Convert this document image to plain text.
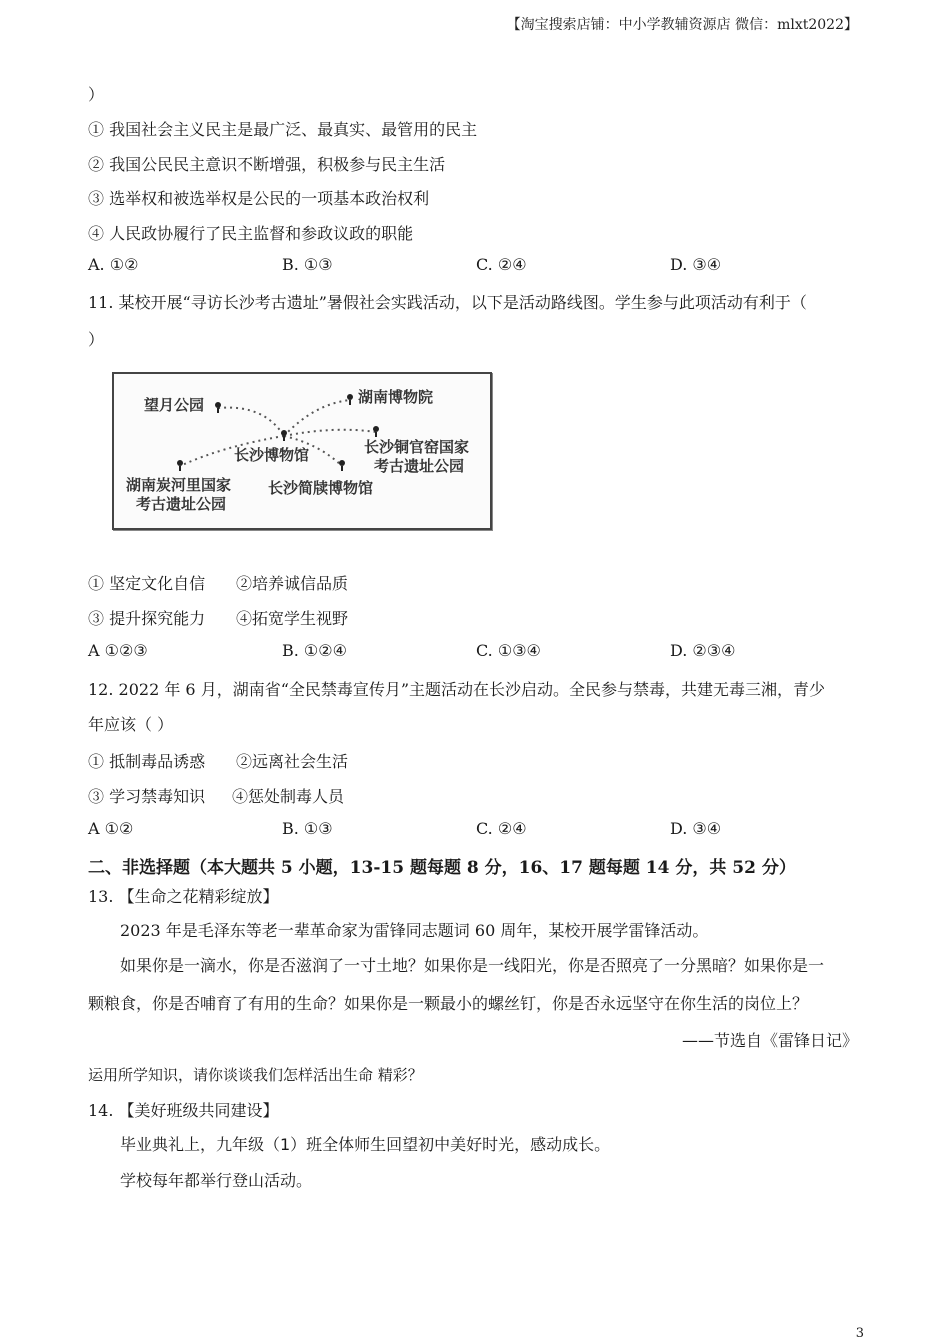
【淘宝搜索店铺：中小学教辅资源店 微信：mlxt2022】
）
① 我国社会主义民主是最广泛、最真实、最管用的民主
② 我国公民民主意识不断增强，积极参与民主生活
③ 选举权和被选举权是公民的一项基本政治权利
④ 人民政协履行了民主监督和参政议政的职能
A. ①②	B. ①③	C. ②④	D. ③④
11. 某校开展“寻访长沙考古遗址”暑假社会实践活动，以下是活动路线图。学生参与此项活动有利于（
）
望月公园	湖南博物院
长沙博物馆	长沙铜官窑国家
考古遗址公园
湖南炭河里国家
考古遗址公园
长沙简牍博物馆
① 坚定文化自信 ②培养诚信品质
③ 提升探究能力 ④拓宽学生视野
A ①②③	B. ①②④	C. ①③④	D. ②③④
12. 2022 年 6 月，湖南省“全民禁毒宣传月”主题活动在长沙启动。全民参与禁毒，共建无毒三湘，青少
年应该（ ）
① 抵制毒品诱惑 ②远离社会生活
③ 学习禁毒知识 ④惩处制毒人员
A ①②	B. ①③	C. ②④	D. ③④
二、非选择题（本大题共 5 小题，13-15 题每题 8 分，16、17 题每题 14 分，共 52 分）
13. 【生命之花精彩绽放】
2023 年是毛泽东等老一辈革命家为雷锋同志题词 60 周年，某校开展学雷锋活动。
如果你是一滴水，你是否滋润了一寸土地？如果你是一线阳光，你是否照亮了一分黑暗？如果你是一
颗粮食，你是否哺育了有用的生命？如果你是一颗最小的螺丝钉，你是否永远坚守在你生活的岗位上？
——节选自《雷锋日记》
运用所学知识，请你谈谈我们怎样活出生命 精彩？
14. 【美好班级共同建设】
毕业典礼上，九年级（1）班全体师生回望初中美好时光，感动成长。
学校每年都举行登山活动。
3
